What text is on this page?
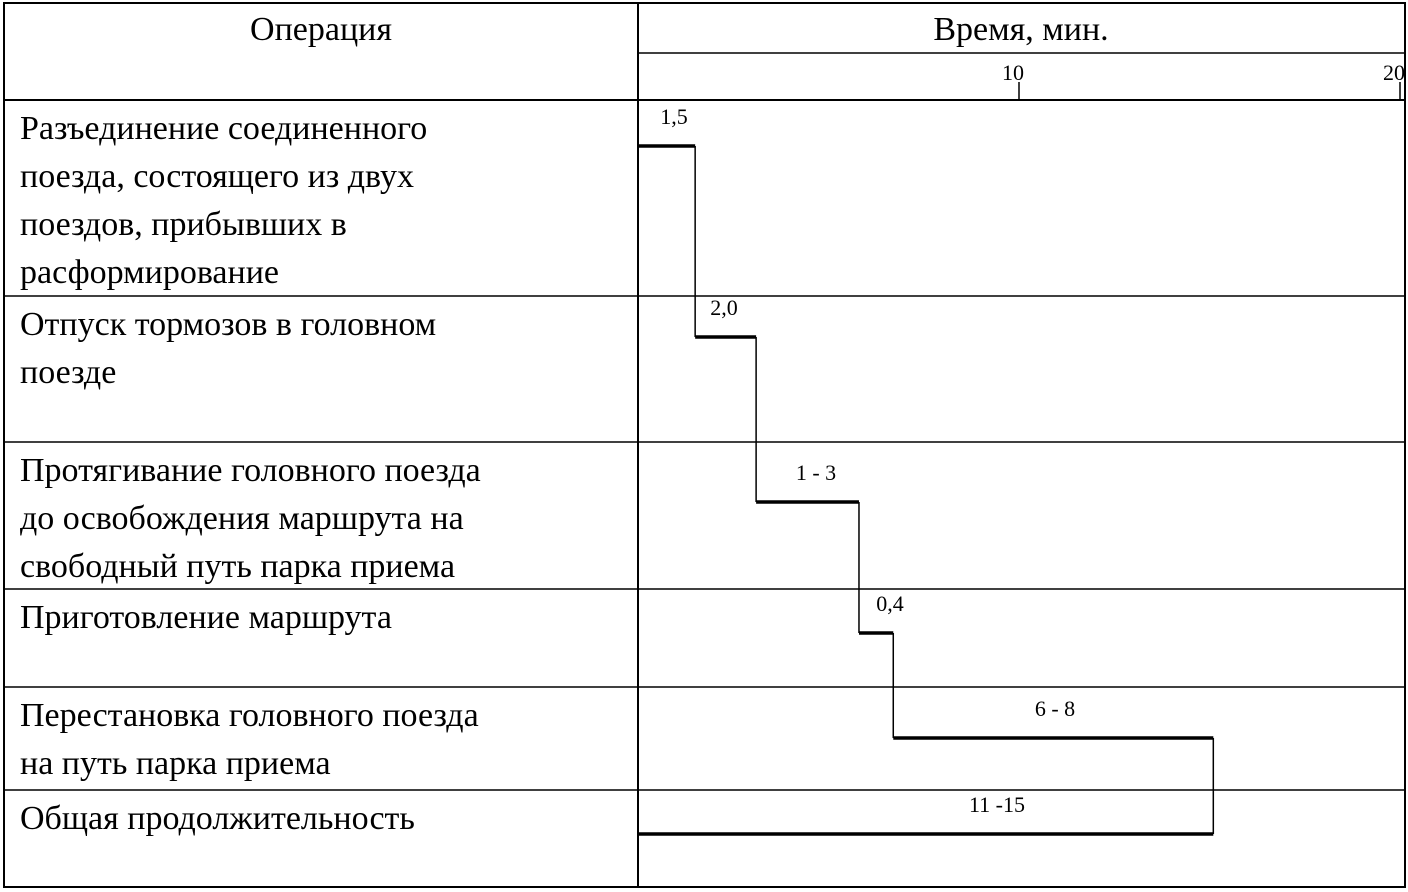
Операция	Время, мин.
10	20
Разъединение соединенного
поезда, состоящего из двух
поездов, прибывших в
расформирование
Отпуск тормозов в головном
поезде
Протягивание головного поезда
до освобождения маршрута на
свободный путь парка приема
Приготовление маршрута
Перестановка головного поезда
на путь парка приема
Общая продолжительность
1,5
2,0
1 - 3
0,4
6 - 8
11 -15
